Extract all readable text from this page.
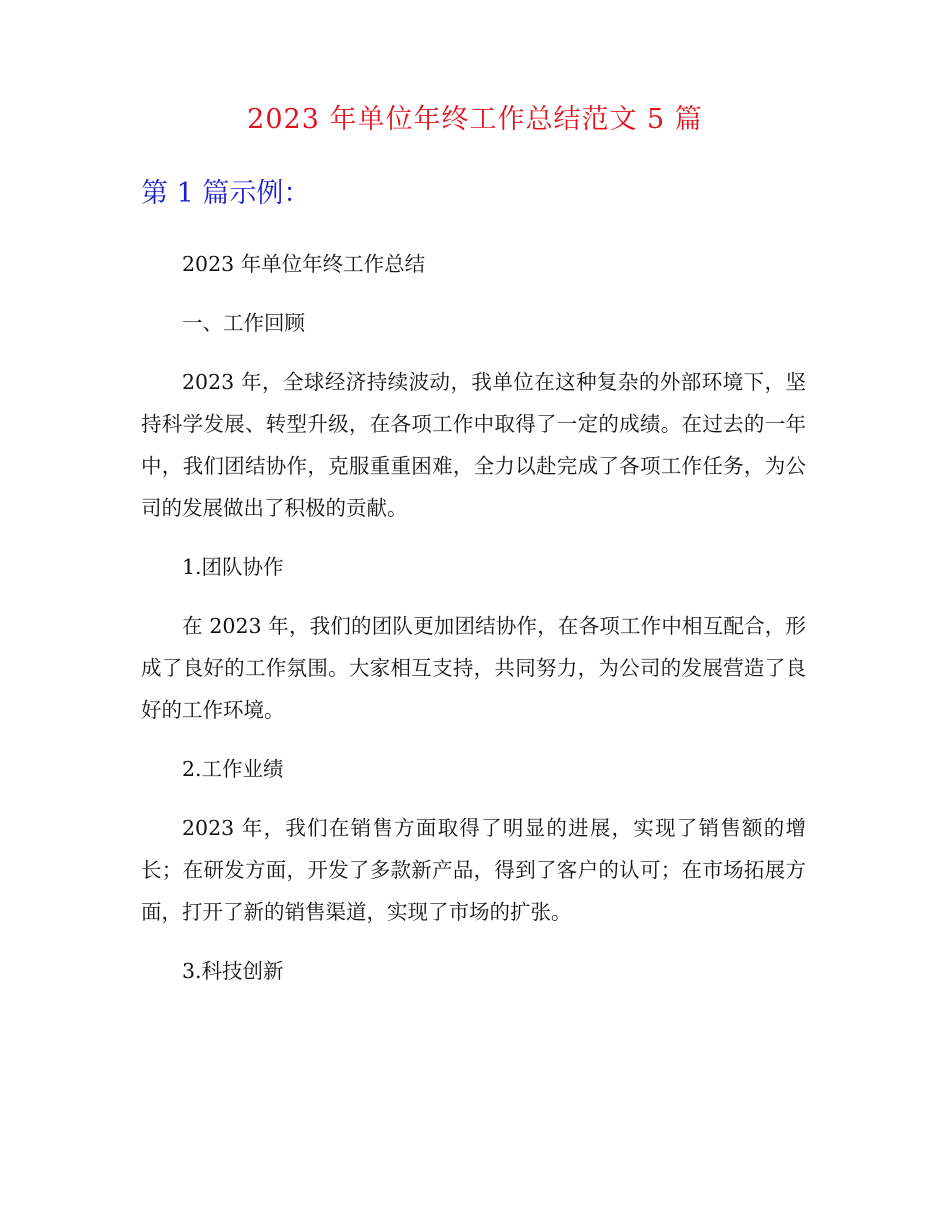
2023 年单位年终工作总结范文 5 篇
第 1 篇示例：

2023 年单位年终工作总结

一、工作回顾

2023 年，全球经济持续波动，我单位在这种复杂的外部环境下，坚持科学发展、转型升级，在各项工作中取得了一定的成绩。在过去的一年中，我们团结协作，克服重重困难，全力以赴完成了各项工作任务，为公司的发展做出了积极的贡献。

1.团队协作

在 2023 年，我们的团队更加团结协作，在各项工作中相互配合，形成了良好的工作氛围。大家相互支持，共同努力，为公司的发展营造了良好的工作环境。

2.工作业绩

2023 年，我们在销售方面取得了明显的进展，实现了销售额的增长；在研发方面，开发了多款新产品，得到了客户的认可；在市场拓展方面，打开了新的销售渠道，实现了市场的扩张。

3.科技创新
